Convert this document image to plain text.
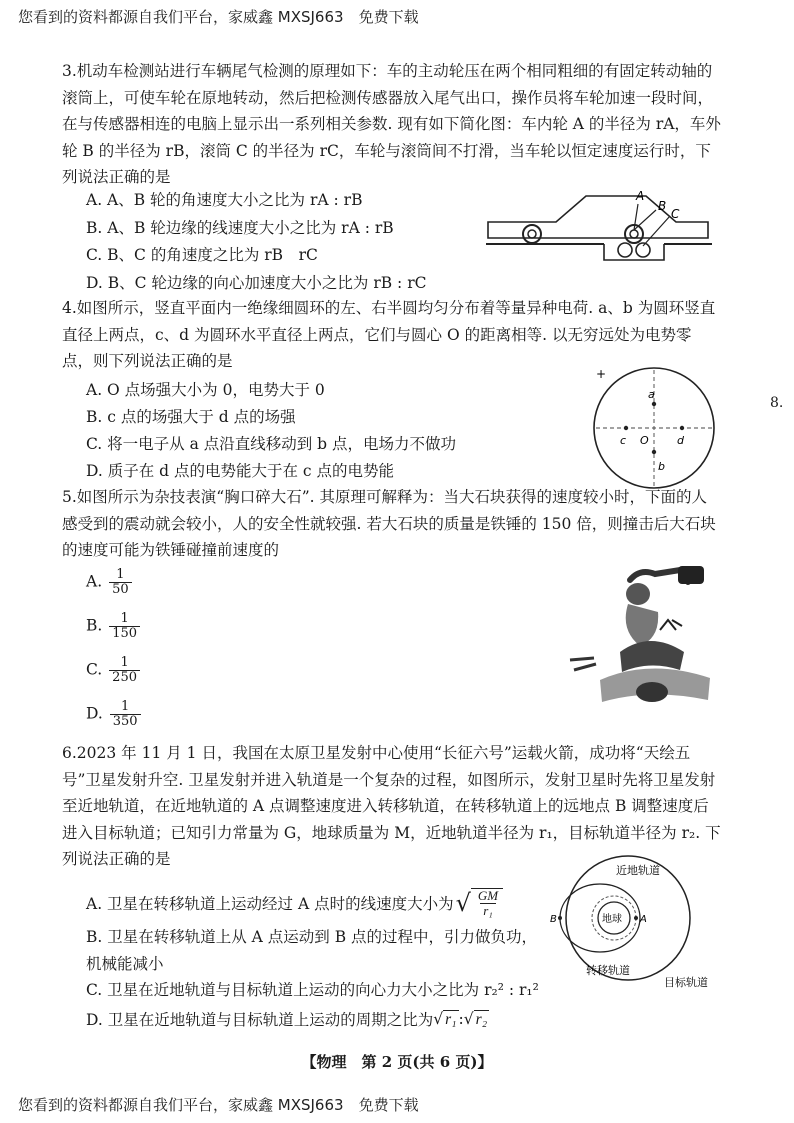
您看到的资料都源自我们平台，家威鑫 MXSJ663　免费下载
8.

3.机动车检测站进行车辆尾气检测的原理如下：车的主动轮压在两个相同粗细的有固定转动轴的滚筒上，可使车轮在原地转动，然后把检测传感器放入尾气出口，操作员将车轮加速一段时间，在与传感器相连的电脑上显示出一系列相关参数. 现有如下简化图：车内轮 A 的半径为 rA，车外轮 B 的半径为 rB，滚筒 C 的半径为 rC，车轮与滚筒间不打滑，当车轮以恒定速度运行时，下列说法正确的是

A. A、B 轮的角速度大小之比为 rA : rB
B. A、B 轮边缘的线速度大小之比为 rA : rB
C. B、C 的角速度之比为 rB　rC
D. B、C 轮边缘的向心加速度大小之比为 rB : rC
A
B
C

4.如图所示，竖直平面内一绝缘细圆环的左、右半圆均匀分布着等量异种电荷. a、b 为圆环竖直直径上两点，c、d 为圆环水平直径上两点，它们与圆心 O 的距离相等. 以无穷远处为电势零点，则下列说法正确的是

A. O 点场强大小为 0，电势大于 0
B. c 点的场强大于 d 点的场强
C. 将一电子从 a 点沿直线移动到 b 点，电场力不做功
D. 质子在 d 点的电势能大于在 c 点的电势能
+
a
c O	d
b

5.如图所示为杂技表演“胸口碎大石”. 其原理可解释为：当大石块获得的速度较小时，下面的人感受到的震动就会较小，人的安全性就较强. 若大石块的质量是铁锤的 150 倍，则撞击后大石块的速度可能为铁锤碰撞前速度的

A. $\frac{1}{50}$
B. $\frac{1}{150}$
C. $\frac{1}{250}$
D. $\frac{1}{350}$

6.2023 年 11 月 1 日，我国在太原卫星发射中心使用“长征六号”运载火箭，成功将“天绘五号”卫星发射升空. 卫星发射并进入轨道是一个复杂的过程，如图所示，发射卫星时先将卫星发射至近地轨道，在近地轨道的 A 点调整速度进入转移轨道，在转移轨道上的远地点 B 调整速度后进入目标轨道；已知引力常量为 G，地球质量为 M，近地轨道半径为 r₁，目标轨道半径为 r₂. 下列说法正确的是

A. 卫星在转移轨道上运动经过 A 点时的线速度大小为 √ $\frac{GM}{\text{r₁}}$

B. 卫星在转移轨道上从 A 点运动到 B 点的过程中，引力做负功，机械能减小

C. 卫星在近地轨道与目标轨道上运动的向心力大小之比为 r₂² : r₁²
D. 卫星在近地轨道与目标轨道上运动的周期之比为 √ r₁ : √ r₂
近地轨道
地球 A
B
转移轨道
目标轨道
【物理　第 2 页(共 6 页)】
您看到的资料都源自我们平台，家威鑫 MXSJ663　免费下载
